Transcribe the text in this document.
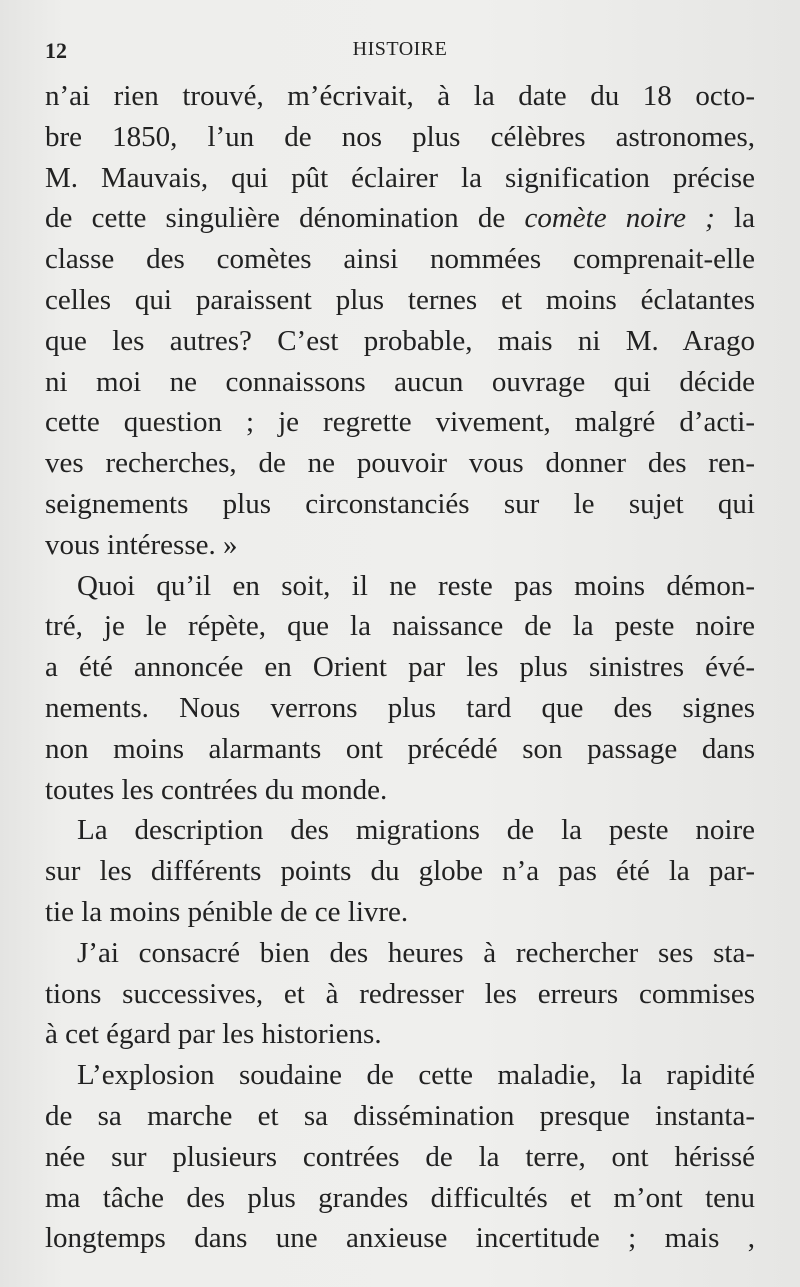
12	HISTOIRE
n’ai rien trouvé, m’écrivait, à la date du 18 octo-
bre 1850, l’un de nos plus célèbres astronomes,
M. Mauvais, qui pût éclairer la signification précise
de cette singulière dénomination de comète noire ; la
classe des comètes ainsi nommées comprenait-elle
celles qui paraissent plus ternes et moins éclatantes
que les autres? C’est probable, mais ni M. Arago
ni moi ne connaissons aucun ouvrage qui décide
cette question ; je regrette vivement, malgré d’acti-
ves recherches, de ne pouvoir vous donner des ren-
seignements plus circonstanciés sur le sujet qui
vous intéresse. »
Quoi qu’il en soit, il ne reste pas moins démon-
tré, je le répète, que la naissance de la peste noire
a été annoncée en Orient par les plus sinistres évé-
nements. Nous verrons plus tard que des signes
non moins alarmants ont précédé son passage dans
toutes les contrées du monde.
La description des migrations de la peste noire
sur les différents points du globe n’a pas été la par-
tie la moins pénible de ce livre.
J’ai consacré bien des heures à rechercher ses sta-
tions successives, et à redresser les erreurs commises
à cet égard par les historiens.
L’explosion soudaine de cette maladie, la rapidité
de sa marche et sa dissémination presque instanta-
née sur plusieurs contrées de la terre, ont hérissé
ma tâche des plus grandes difficultés et m’ont tenu
longtemps dans une anxieuse incertitude ; mais ,
